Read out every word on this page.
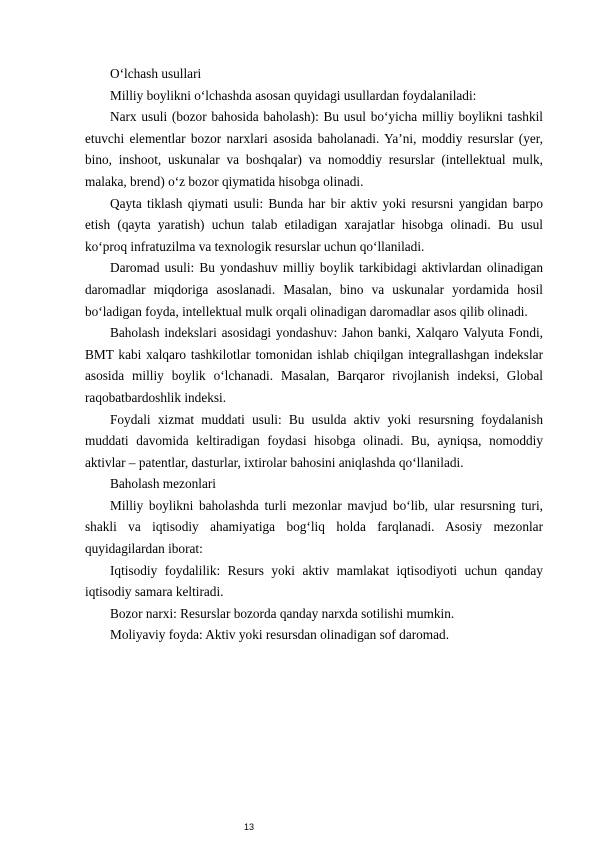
O‘lchash usullari

Milliy boylikni o‘lchashda asosan quyidagi usullardan foydalaniladi:

Narx usuli (bozor bahosida baholash): Bu usul bo‘yicha milliy boylikni tashkil etuvchi elementlar bozor narxlari asosida baholanadi. Ya’ni, moddiy resurslar (yer, bino, inshoot, uskunalar va boshqalar) va nomoddiy resurslar (intellektual mulk, malaka, brend) o‘z bozor qiymatida hisobga olinadi.

Qayta tiklash qiymati usuli: Bunda har bir aktiv yoki resursni yangidan barpo etish (qayta yaratish) uchun talab etiladigan xarajatlar hisobga olinadi. Bu usul ko‘proq infratuzilma va texnologik resurslar uchun qo‘llaniladi.

Daromad usuli: Bu yondashuv milliy boylik tarkibidagi aktivlardan olinadigan daromadlar miqdoriga asoslanadi. Masalan, bino va uskunalar yordamida hosil bo‘ladigan foyda, intellektual mulk orqali olinadigan daromadlar asos qilib olinadi.

Baholash indekslari asosidagi yondashuv: Jahon banki, Xalqaro Valyuta Fondi, BMT kabi xalqaro tashkilotlar tomonidan ishlab chiqilgan integrallashgan indekslar asosida milliy boylik o‘lchanadi. Masalan, Barqaror rivojlanish indeksi, Global raqobatbardoshlik indeksi.

Foydali xizmat muddati usuli: Bu usulda aktiv yoki resursning foydalanish muddati davomida keltiradigan foydasi hisobga olinadi. Bu, ayniqsa, nomoddiy aktivlar – patentlar, dasturlar, ixtirolar bahosini aniqlashda qo‘llaniladi.

Baholash mezonlari

Milliy boylikni baholashda turli mezonlar mavjud bo‘lib, ular resursning turi, shakli va iqtisodiy ahamiyatiga bog‘liq holda farqlanadi. Asosiy mezonlar quyidagilardan iborat:

Iqtisodiy foydalilik: Resurs yoki aktiv mamlakat iqtisodiyoti uchun qanday iqtisodiy samara keltiradi.

Bozor narxi: Resurslar bozorda qanday narxda sotilishi mumkin.

Moliyaviy foyda: Aktiv yoki resursdan olinadigan sof daromad.

13
